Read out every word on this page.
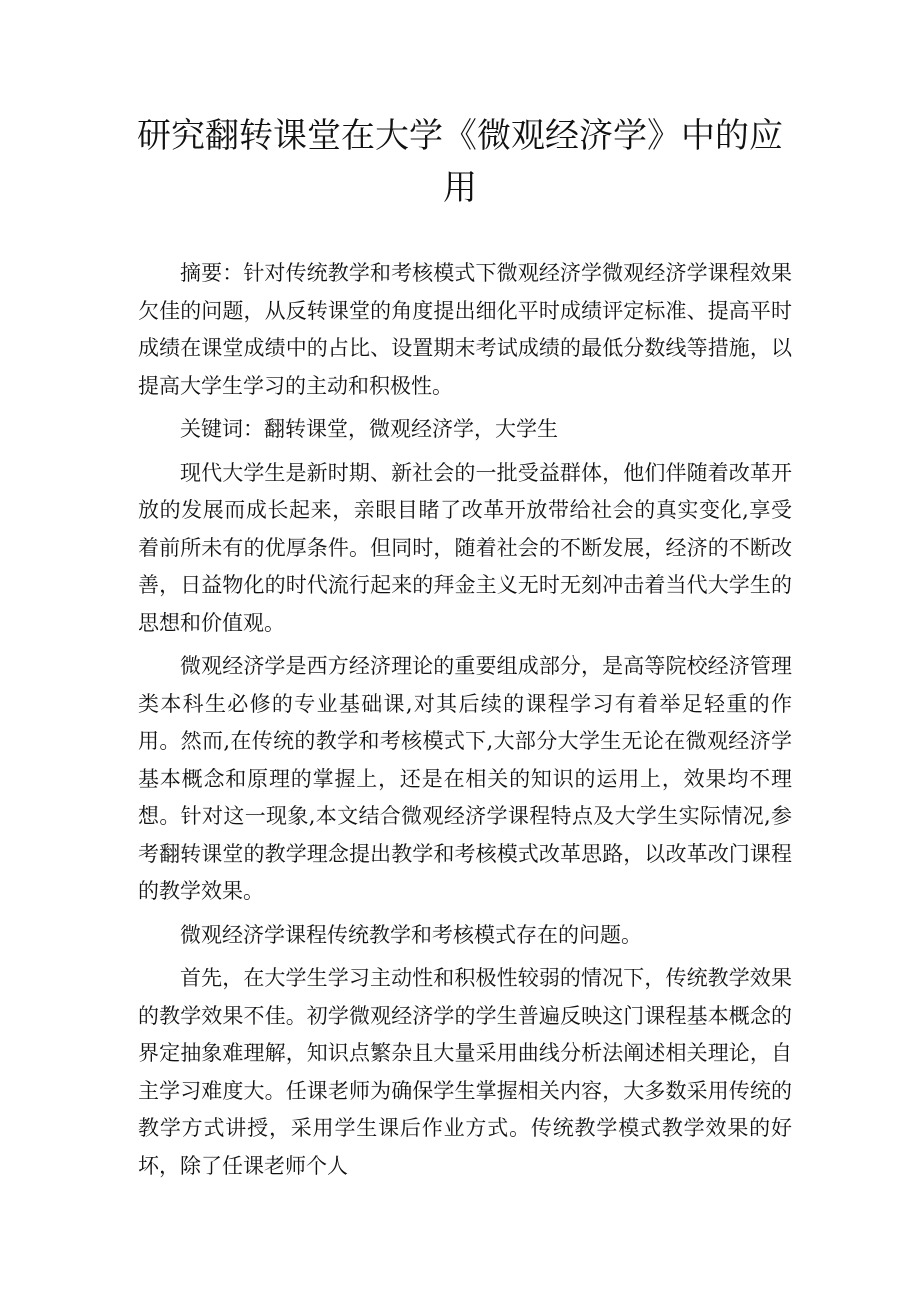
研究翻转课堂在大学《微观经济学》中的应用

摘要：针对传统教学和考核模式下微观经济学微观经济学课程效果欠佳的问题，从反转课堂的角度提出细化平时成绩评定标准、提高平时成绩在课堂成绩中的占比、设置期末考试成绩的最低分数线等措施，以提高大学生学习的主动和积极性。

关键词：翻转课堂，微观经济学，大学生

现代大学生是新时期、新社会的一批受益群体，他们伴随着改革开放的发展而成长起来，亲眼目睹了改革开放带给社会的真实变化,享受着前所未有的优厚条件。但同时，随着社会的不断发展，经济的不断改善，日益物化的时代流行起来的拜金主义无时无刻冲击着当代大学生的思想和价值观。

微观经济学是西方经济理论的重要组成部分，是高等院校经济管理类本科生必修的专业基础课,对其后续的课程学习有着举足轻重的作用。然而,在传统的教学和考核模式下,大部分大学生无论在微观经济学基本概念和原理的掌握上，还是在相关的知识的运用上，效果均不理想。针对这一现象,本文结合微观经济学课程特点及大学生实际情况,参考翻转课堂的教学理念提出教学和考核模式改革思路，以改革改门课程的教学效果。

微观经济学课程传统教学和考核模式存在的问题。

首先，在大学生学习主动性和积极性较弱的情况下，传统教学效果的教学效果不佳。初学微观经济学的学生普遍反映这门课程基本概念的界定抽象难理解，知识点繁杂且大量采用曲线分析法阐述相关理论，自主学习难度大。任课老师为确保学生掌握相关内容，大多数采用传统的教学方式讲授，采用学生课后作业方式。传统教学模式教学效果的好坏，除了任课老师个人
